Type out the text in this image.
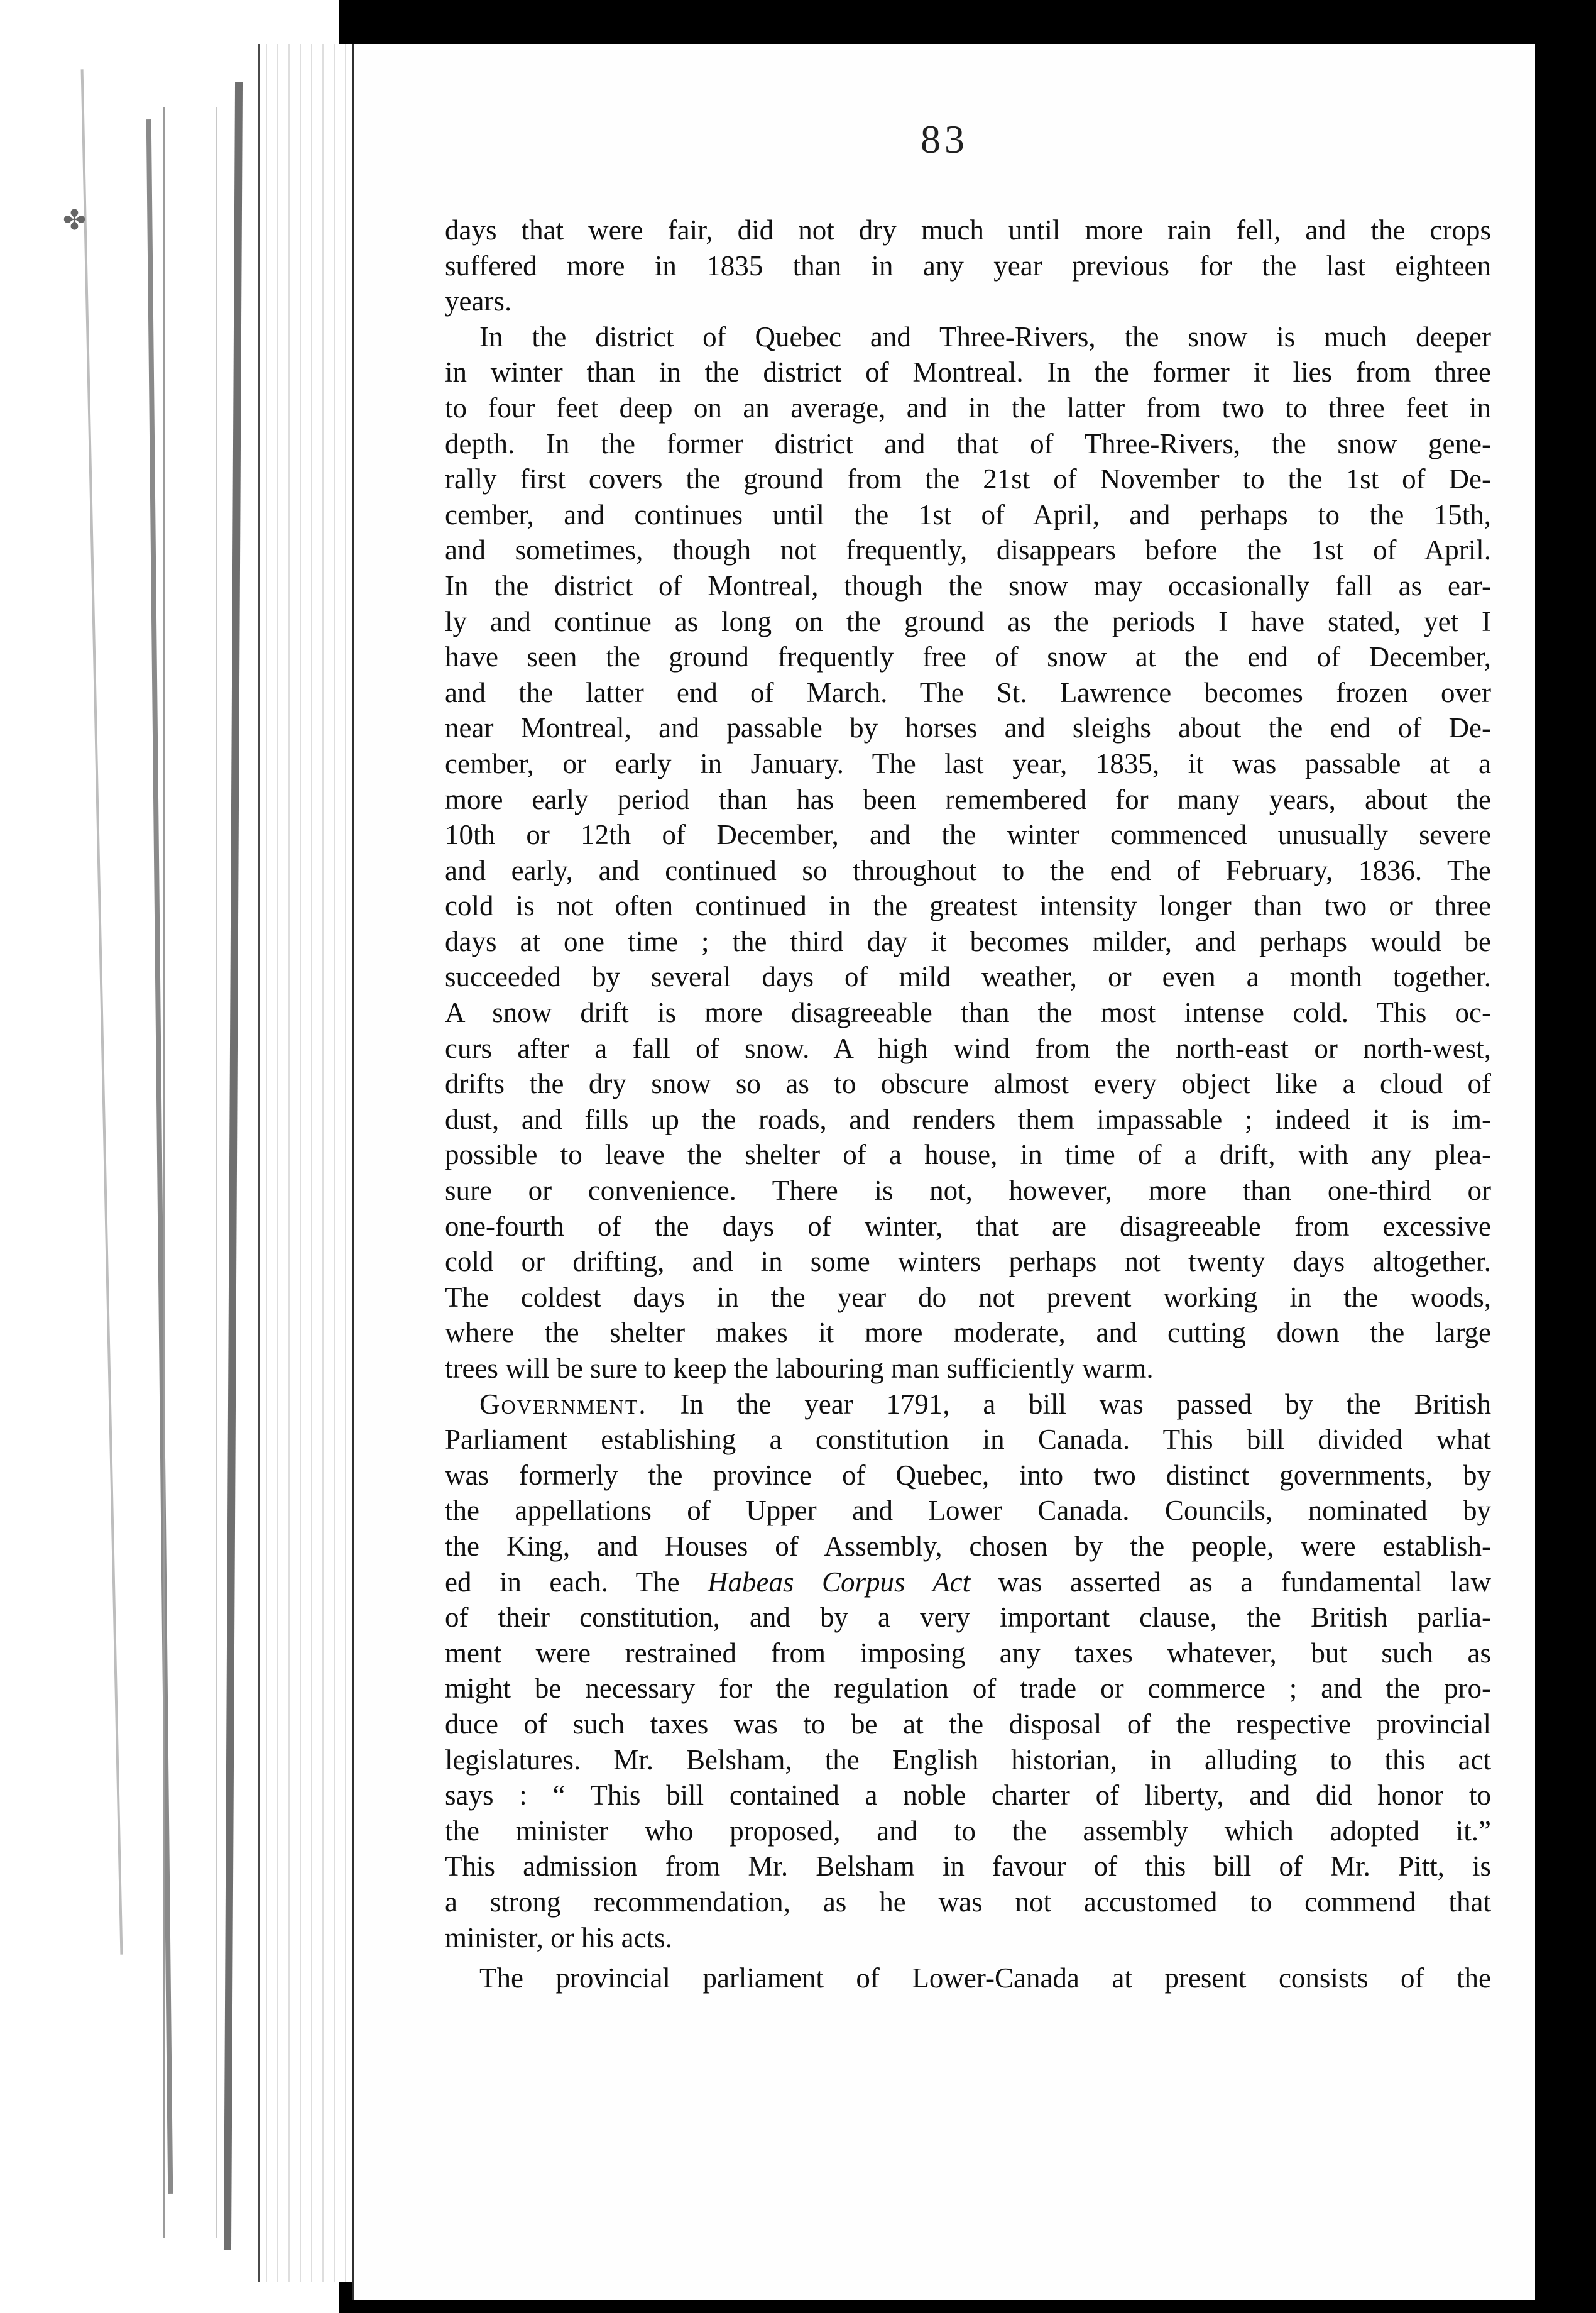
✤
83
days that were fair, did not dry much until more rain fell, and the crops
suffered more in 1835 than in any year previous for the last eighteen
years.
In the district of Quebec and Three-Rivers, the snow is much deeper
in winter than in the district of Montreal. In the former it lies from three
to four feet deep on an average, and in the latter from two to three feet in
depth. In the former district and that of Three-Rivers, the snow gene-
rally first covers the ground from the 21st of November to the 1st of De-
cember, and continues until the 1st of April, and perhaps to the 15th,
and sometimes, though not frequently, disappears before the 1st of April.
In the district of Montreal, though the snow may occasionally fall as ear-
ly and continue as long on the ground as the periods I have stated, yet I
have seen the ground frequently free of snow at the end of December,
and the latter end of March. The St. Lawrence becomes frozen over
near Montreal, and passable by horses and sleighs about the end of De-
cember, or early in January. The last year, 1835, it was passable at a
more early period than has been remembered for many years, about the
10th or 12th of December, and the winter commenced unusually severe
and early, and continued so throughout to the end of February, 1836. The
cold is not often continued in the greatest intensity longer than two or three
days at one time ; the third day it becomes milder, and perhaps would be
succeeded by several days of mild weather, or even a month together.
A snow drift is more disagreeable than the most intense cold. This oc-
curs after a fall of snow. A high wind from the north-east or north-west,
drifts the dry snow so as to obscure almost every object like a cloud of
dust, and fills up the roads, and renders them impassable ; indeed it is im-
possible to leave the shelter of a house, in time of a drift, with any plea-
sure or convenience. There is not, however, more than one-third or
one-fourth of the days of winter, that are disagreeable from excessive
cold or drifting, and in some winters perhaps not twenty days altogether.
The coldest days in the year do not prevent working in the woods,
where the shelter makes it more moderate, and cutting down the large
trees will be sure to keep the labouring man sufficiently warm.
Government. In the year 1791, a bill was passed by the British
Parliament establishing a constitution in Canada. This bill divided what
was formerly the province of Quebec, into two distinct governments, by
the appellations of Upper and Lower Canada. Councils, nominated by
the King, and Houses of Assembly, chosen by the people, were establish-
ed in each. The Habeas Corpus Act was asserted as a fundamental law
of their constitution, and by a very important clause, the British parlia-
ment were restrained from imposing any taxes whatever, but such as
might be necessary for the regulation of trade or commerce ; and the pro-
duce of such taxes was to be at the disposal of the respective provincial
legislatures. Mr. Belsham, the English historian, in alluding to this act
says : “ This bill contained a noble charter of liberty, and did honor to
the minister who proposed, and to the assembly which adopted it.”
This admission from Mr. Belsham in favour of this bill of Mr. Pitt, is
a strong recommendation, as he was not accustomed to commend that
minister, or his acts.
The provincial parliament of Lower-Canada at present consists of the
